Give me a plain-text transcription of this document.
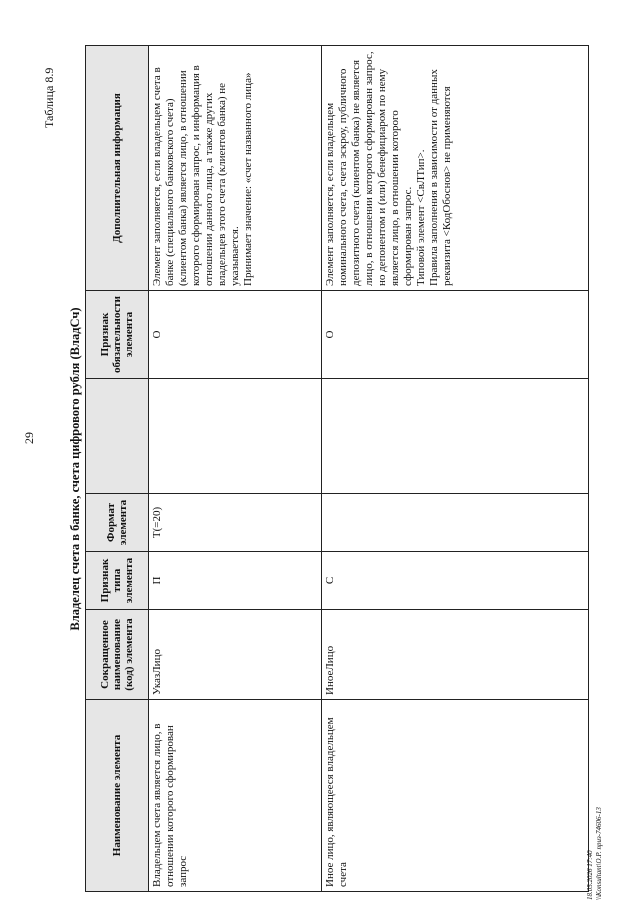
29
Таблица 8.9
Владелец счета в банке, счета цифрового рубля (ВладСч)
Наименование элемента	Сокращенное наименование (код) элемента	Признак типа элемента	Формат элемента		Признак обязательности элемента	Дополнительная информация
Владельцем счета является лицо, в отношении которого сформирован запрос	УказЛицо	П	T(=20)		О	Элемент заполняется, если владельцем счета в банке (специального банковского счета) (клиентом банка) является лицо, в отношении которого сформирован запрос, и информация в отношении данного лица, а также других владельцев этого счета (клиентов банка) не указывается.
Принимает значение: «счет названного лица»
Иное лицо, являющееся владельцем счета	ИноеЛицо	С			О	Элемент заполняется, если владельцем номинального счета, счета эскроу, публичного депозитного счета (клиентом банка) не является лицо, в отношении которого сформирован запрос, но депонентом и (или) бенефициаром по нему является лицо, в отношении которого сформирован запрос.
Типовой элемент <СвЛТип>.
Правила заполнения в зависимости от данных реквизита <КодОбоснов> не применяются
18.05.2026 17:40 \\Konsultant\О.Р. приз-74606-13
